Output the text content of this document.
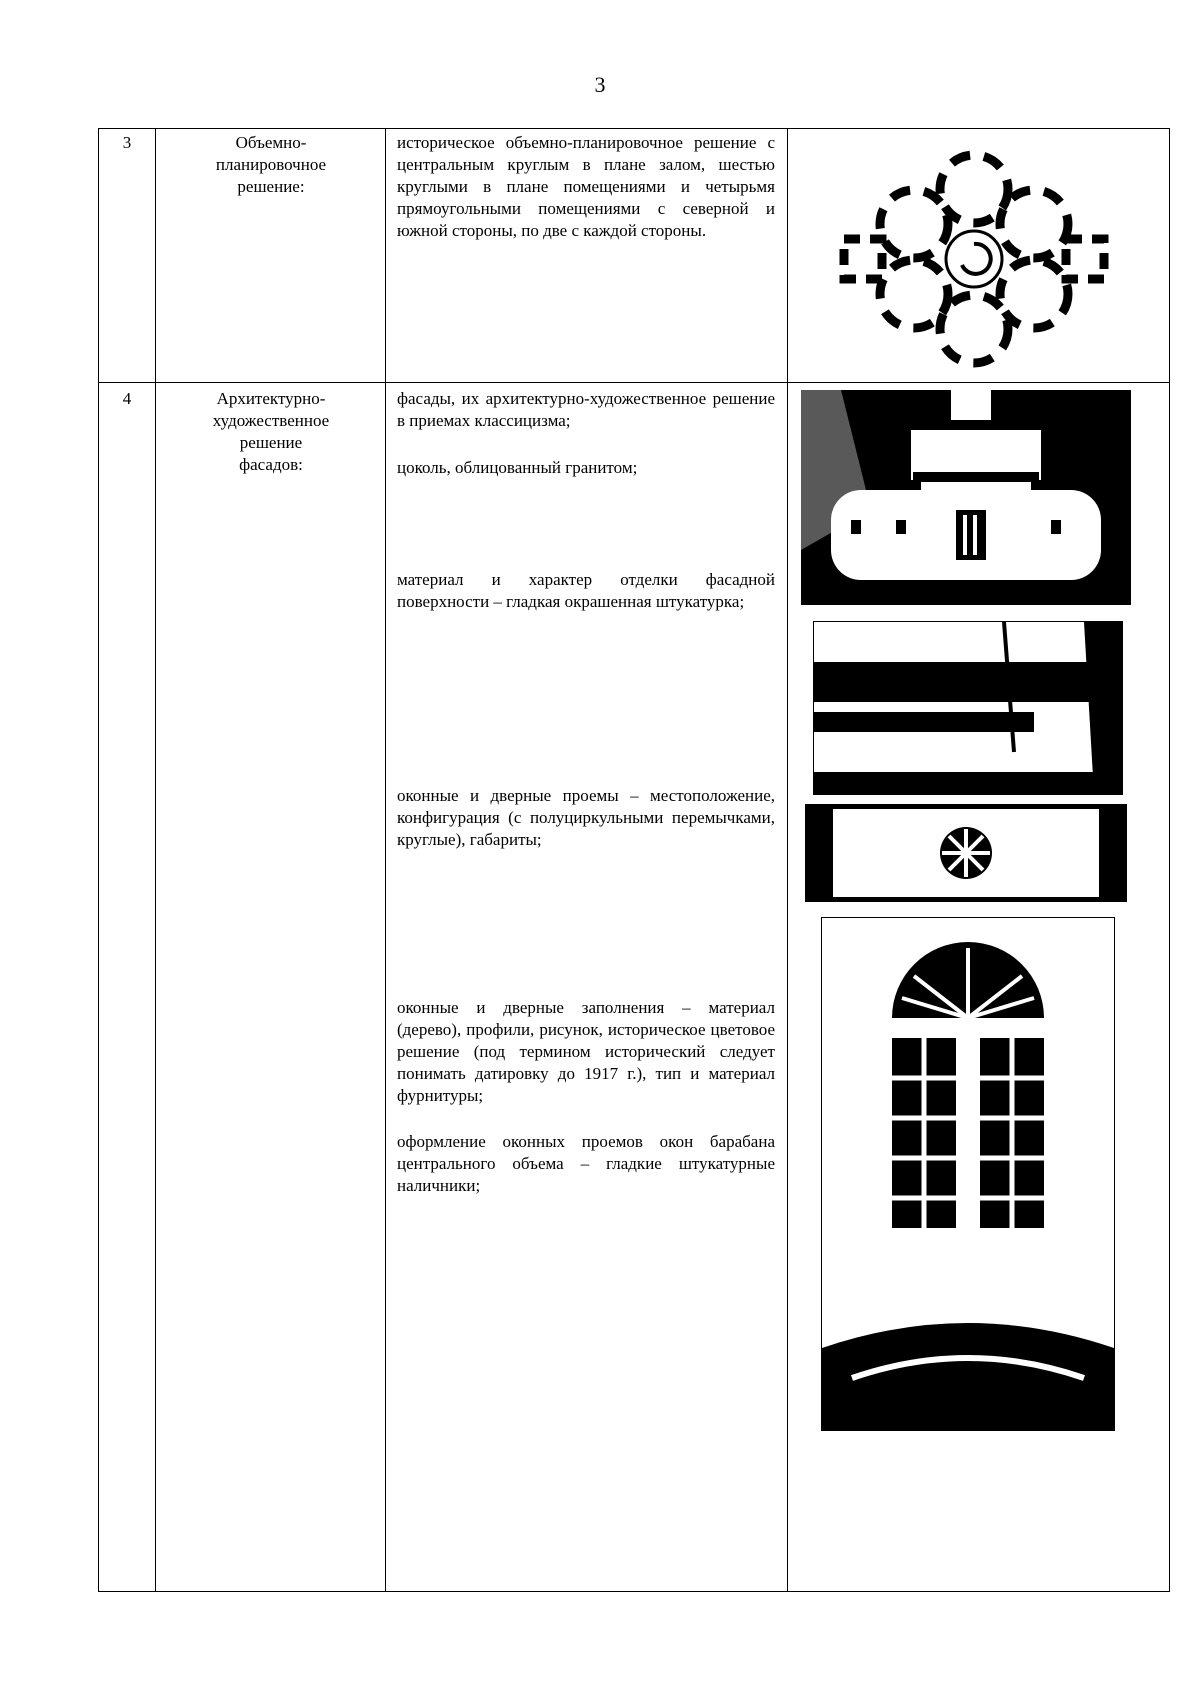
3
3	Объемно-
планировочное
решение:

историческое объемно-планировочное решение с центральным круглым в плане залом, шестью круглыми в плане помещениями и четырьмя прямоугольными помещениями с северной и южной стороны, по две с каждой стороны.

4	Архитектурно-
художественное
решение
фасадов:

фасады, их архитектурно-художественное решение в приемах классицизма;

цоколь, облицованный гранитом;

материал и характер отделки фасадной поверхности – гладкая окрашенная штукатурка;

оконные и дверные проемы – местоположение, конфигурация (с полуциркульными перемычками, круглые), габариты;

оконные и дверные заполнения – материал (дерево), профили, рисунок, историческое цветовое решение (под термином исторический следует понимать датировку до 1917 г.), тип и материал фурнитуры;

оформление оконных проемов окон барабана центрального объема – гладкие штукатурные наличники;
